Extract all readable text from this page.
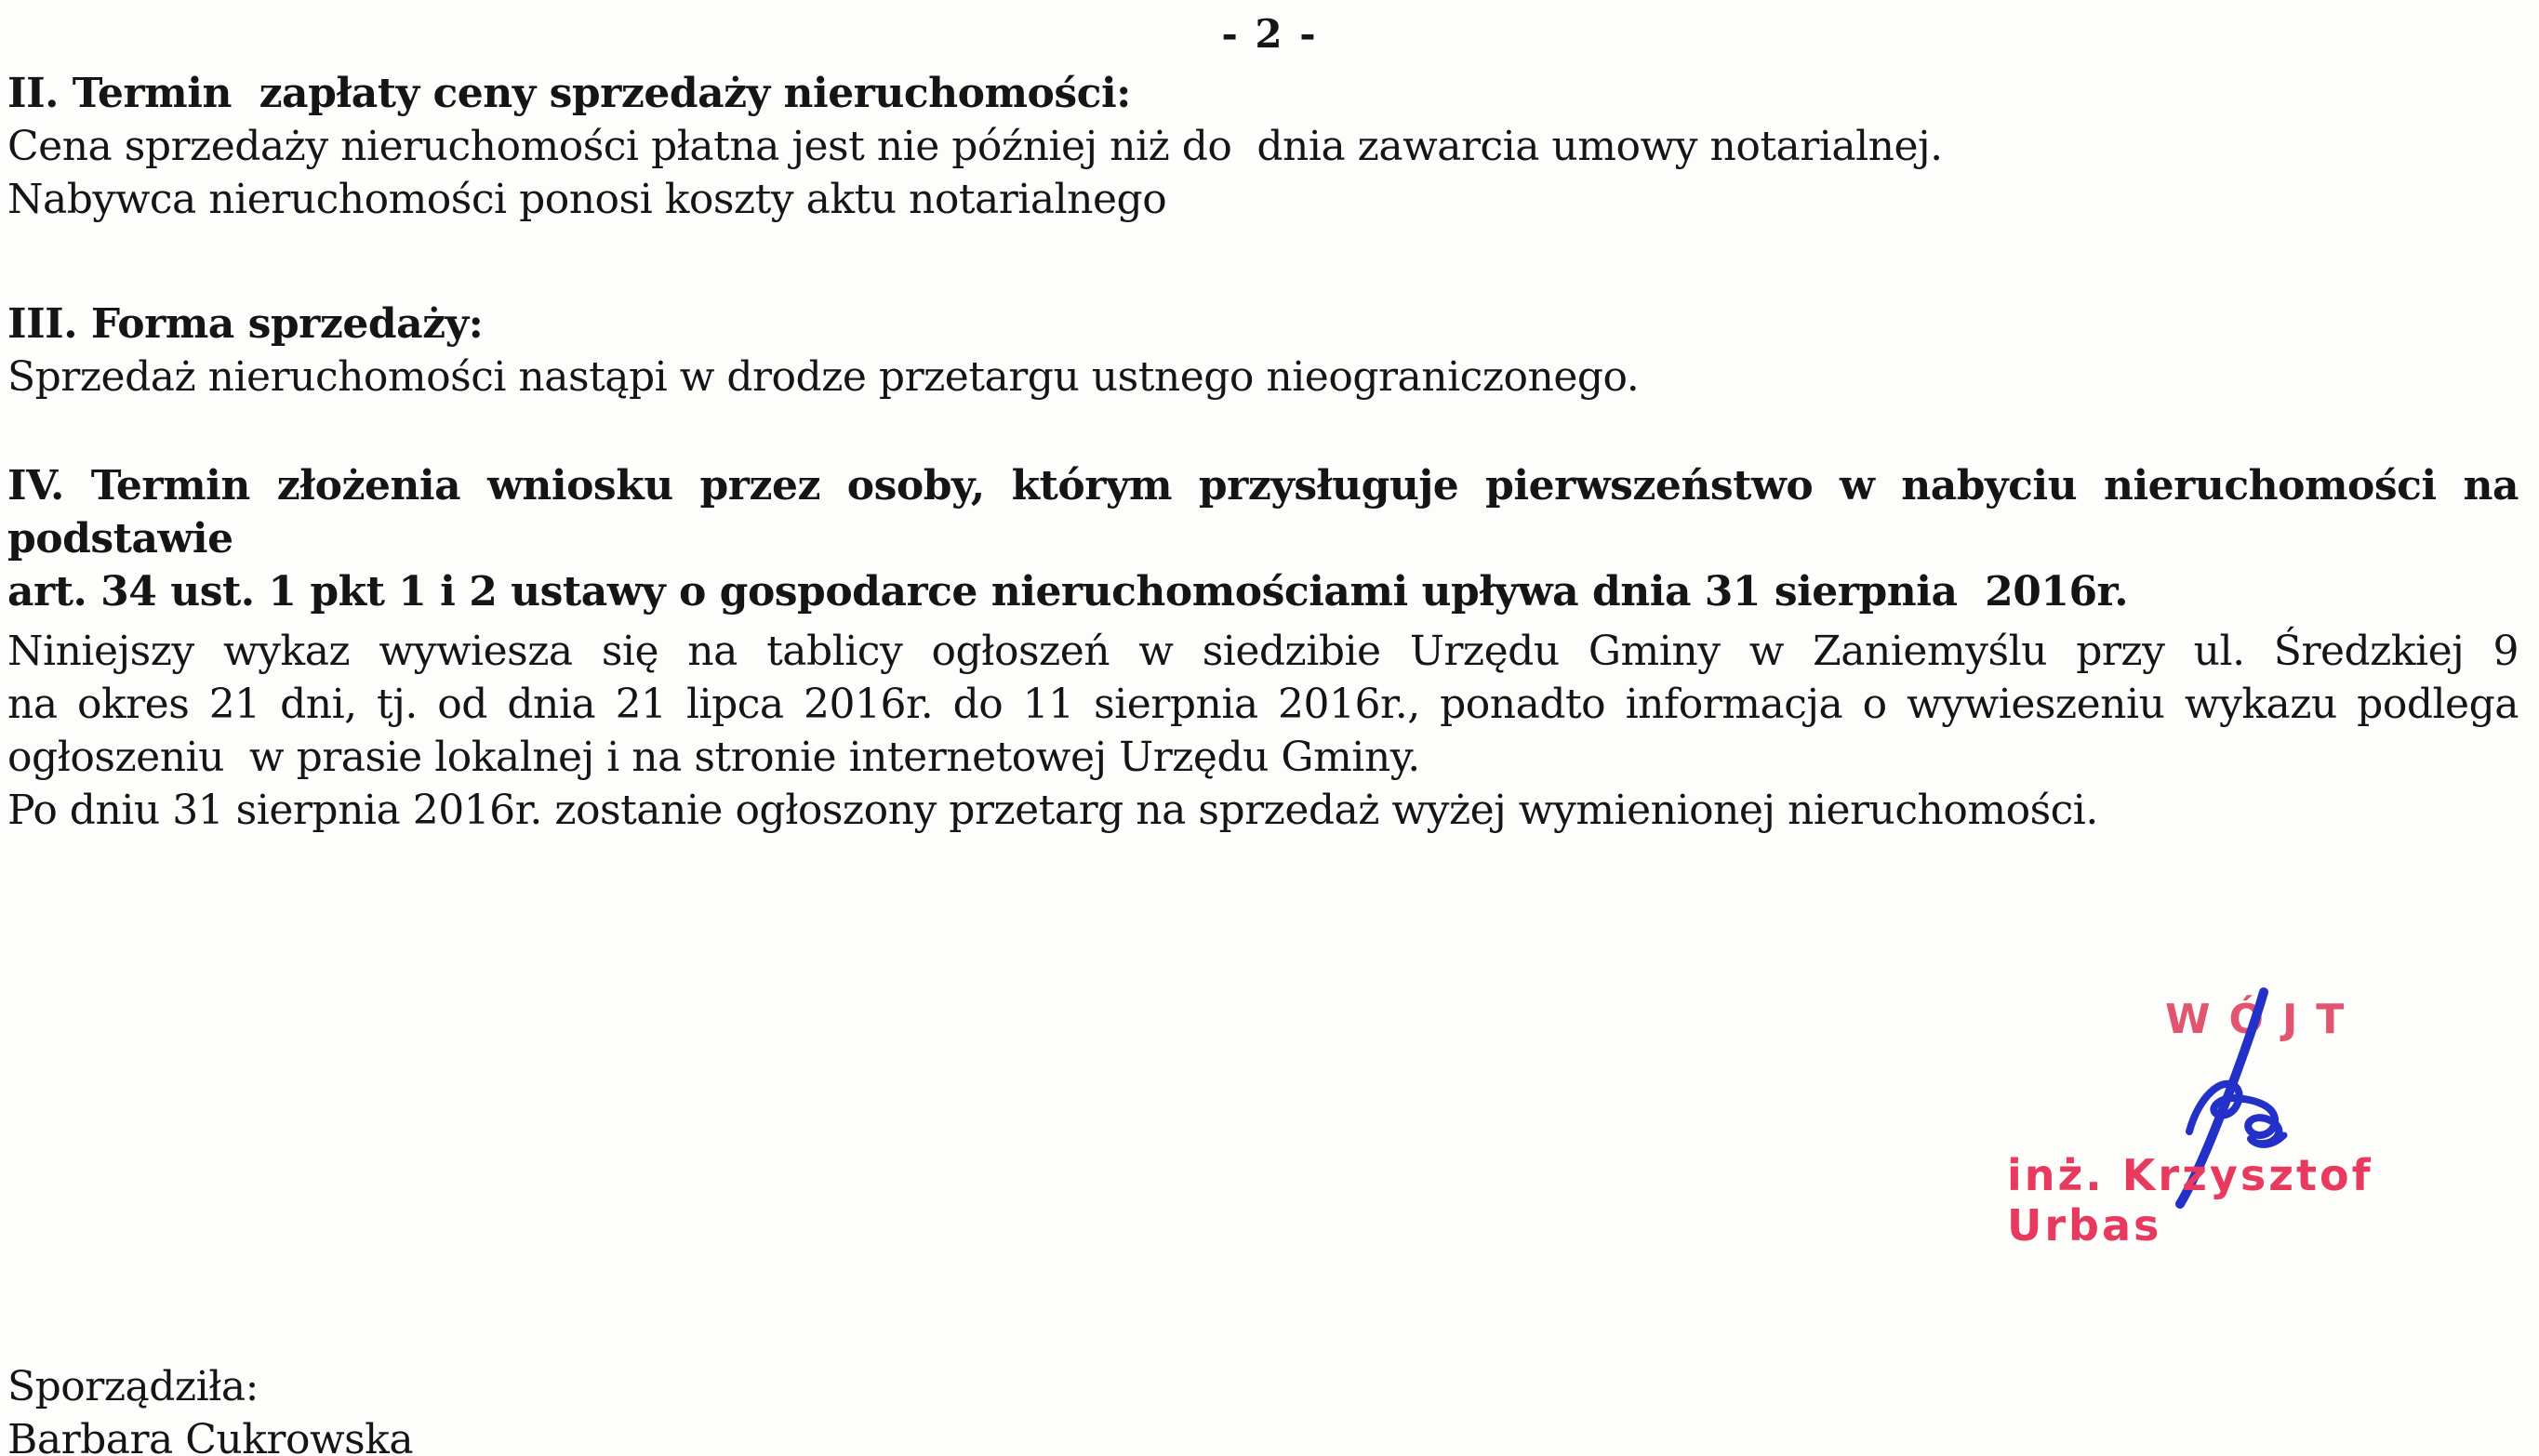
- 2 -
II. Termin  zapłaty ceny sprzedaży nieruchomości:
Cena sprzedaży nieruchomości płatna jest nie później niż do  dnia zawarcia umowy notarialnej.
Nabywca nieruchomości ponosi koszty aktu notarialnego
III. Forma sprzedaży:
Sprzedaż nieruchomości nastąpi w drodze przetargu ustnego nieograniczonego.
IV. Termin złożenia wniosku przez osoby, którym przysługuje pierwszeństwo w nabyciu nieruchomości na podstawie
art. 34 ust. 1 pkt 1 i 2 ustawy o gospodarce nieruchomościami upływa dnia 31 sierpnia  2016r.
Niniejszy wykaz wywiesza się na tablicy ogłoszeń w siedzibie Urzędu Gminy w Zaniemyślu przy ul. Średzkiej 9
na okres 21 dni, tj. od dnia 21 lipca 2016r. do 11 sierpnia 2016r., ponadto informacja o wywieszeniu wykazu podlega
ogłoszeniu  w prasie lokalnej i na stronie internetowej Urzędu Gminy.
Po dniu 31 sierpnia 2016r. zostanie ogłoszony przetarg na sprzedaż wyżej wymienionej nieruchomości.
WÓJT
inż. Krzysztof Urbas
Sporządziła:
Barbara Cukrowska
